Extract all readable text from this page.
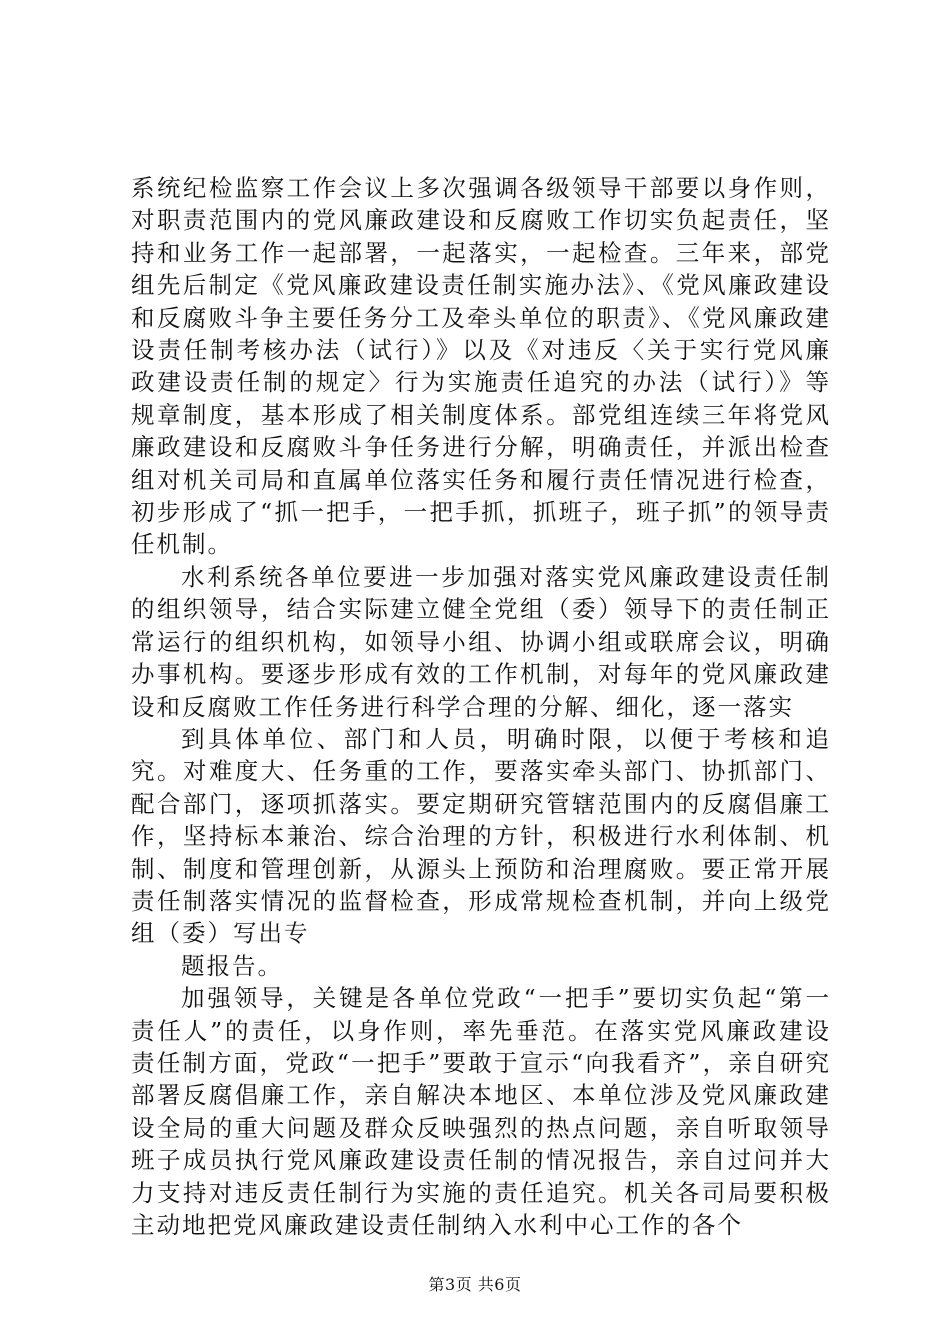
系统纪检监察工作会议上多次强调各级领导干部要以身作则，对职责范围内的党风廉政建设和反腐败工作切实负起责任，坚持和业务工作一起部署，一起落实，一起检查。三年来，部党组先后制定《党风廉政建设责任制实施办法》、《党风廉政建设和反腐败斗争主要任务分工及牵头单位的职责》、《党风廉政建设责任制考核办法（试行）》以及《对违反〈关于实行党风廉政建设责任制的规定〉行为实施责任追究的办法（试行）》等规章制度，基本形成了相关制度体系。部党组连续三年将党风廉政建设和反腐败斗争任务进行分解，明确责任，并派出检查组对机关司局和直属单位落实任务和履行责任情况进行检查，初步形成了“抓一把手，一把手抓，抓班子，班子抓”的领导责任机制。

水利系统各单位要进一步加强对落实党风廉政建设责任制的组织领导，结合实际建立健全党组（委）领导下的责任制正常运行的组织机构，如领导小组、协调小组或联席会议，明确办事机构。要逐步形成有效的工作机制，对每年的党风廉政建设和反腐败工作任务进行科学合理的分解、细化，逐一落实

到具体单位、部门和人员，明确时限，以便于考核和追究。对难度大、任务重的工作，要落实牵头部门、协抓部门、配合部门，逐项抓落实。要定期研究管辖范围内的反腐倡廉工作，坚持标本兼治、综合治理的方针，积极进行水利体制、机制、制度和管理创新，从源头上预防和治理腐败。要正常开展责任制落实情况的监督检查，形成常规检查机制，并向上级党组（委）写出专

题报告。

加强领导，关键是各单位党政“一把手”要切实负起“第一责任人”的责任，以身作则，率先垂范。在落实党风廉政建设责任制方面，党政“一把手”要敢于宣示“向我看齐”，亲自研究部署反腐倡廉工作，亲自解决本地区、本单位涉及党风廉政建设全局的重大问题及群众反映强烈的热点问题，亲自听取领导班子成员执行党风廉政建设责任制的情况报告，亲自过问并大力支持对违反责任制行为实施的责任追究。机关各司局要积极主动地把党风廉政建设责任制纳入水利中心工作的各个

第3页 共6页
